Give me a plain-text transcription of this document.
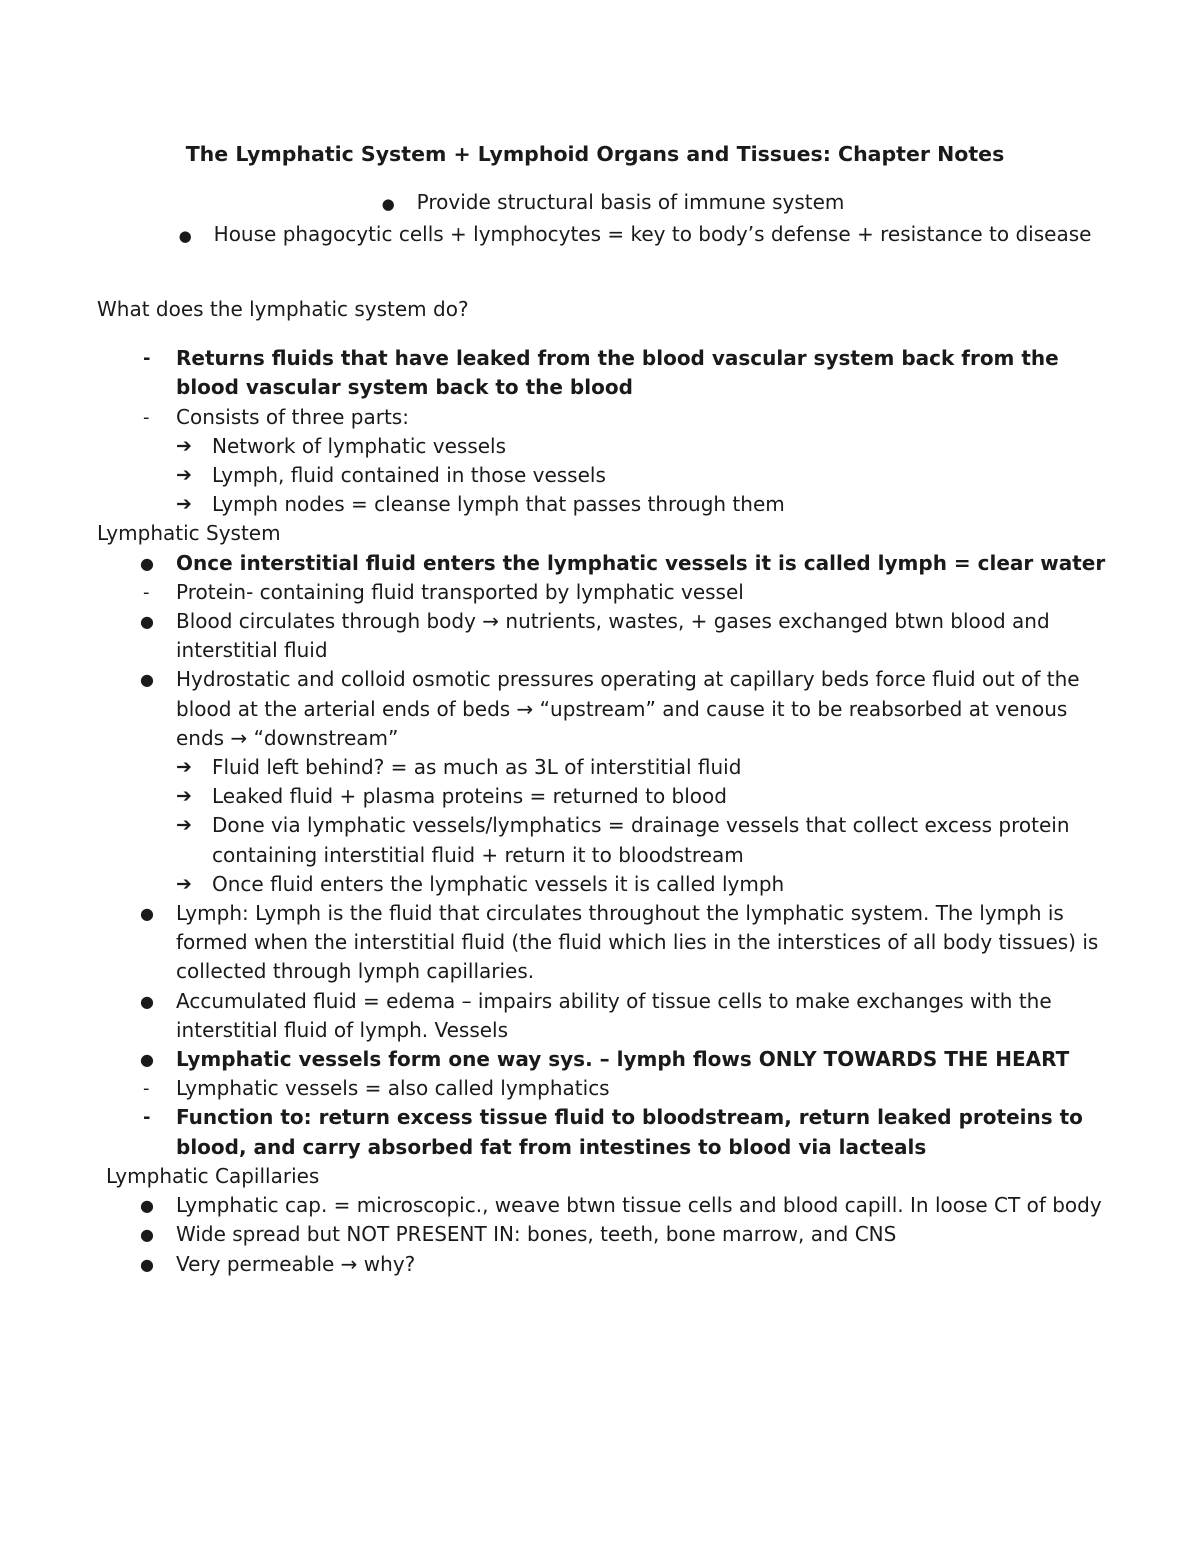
The Lymphatic System + Lymphoid Organs and Tissues: Chapter Notes
● Provide structural basis of immune system
● House phagocytic cells + lymphocytes = key to body’s defense + resistance to disease
What does the lymphatic system do?
-	Returns fluids that have leaked from the blood vascular system back from the blood vascular system back to the blood
-	Consists of three parts:
➔ Network of lymphatic vessels
➔ Lymph, fluid contained in those vessels
➔ Lymph nodes = cleanse lymph that passes through them
Lymphatic System
●	Once interstitial fluid enters the lymphatic vessels it is called lymph = clear water
-	Protein- containing fluid transported by lymphatic vessel
●	Blood circulates through body → nutrients, wastes, + gases exchanged btwn blood and interstitial fluid
●	Hydrostatic and colloid osmotic pressures operating at capillary beds force fluid out of the blood at the arterial ends of beds → “upstream” and cause it to be reabsorbed at venous ends → “downstream”
➔ Fluid left behind? = as much as 3L of interstitial fluid
➔ Leaked fluid + plasma proteins = returned to blood
➔ Done via lymphatic vessels/lymphatics = drainage vessels that collect excess protein containing interstitial fluid + return it to bloodstream
➔ Once fluid enters the lymphatic vessels it is called lymph
●	Lymph: Lymph is the fluid that circulates throughout the lymphatic system. The lymph is formed when the interstitial fluid (the fluid which lies in the interstices of all body tissues) is collected through lymph capillaries.
●	Accumulated fluid = edema – impairs ability of tissue cells to make exchanges with the interstitial fluid of lymph. Vessels
●	Lymphatic vessels form one way sys. – lymph flows ONLY TOWARDS THE HEART
-	Lymphatic vessels = also called lymphatics
-	Function to: return excess tissue fluid to bloodstream, return leaked proteins to blood, and carry absorbed fat from intestines to blood via lacteals
Lymphatic Capillaries
●	Lymphatic cap. = microscopic., weave btwn tissue cells and blood capill. In loose CT of body
●	Wide spread but NOT PRESENT IN: bones, teeth, bone marrow, and CNS
●	Very permeable → why?
